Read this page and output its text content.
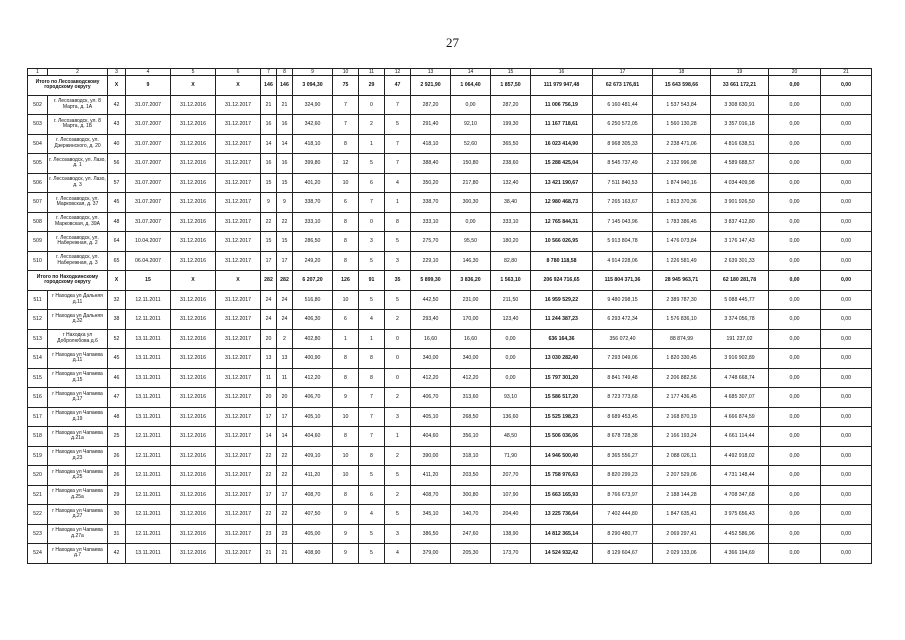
27
1	2	3	4	5	6	7	8	9	10	11	12	13	14	15	16	17	18	19	20	21
Итого по Лесозаводскому городскому округу		X	9	X	X	146	146	3 094,30	75	29	47	2 921,90	1 064,40	1 857,50	111 979 947,48	62 673 176,81	15 643 598,66	33 661 172,21	0,00	0,00
502	г. Лесозаводск, ул. 8 Марта, д. 1А	42	31.07.2007	31.12.2016	31.12.2017	21	21	324,90	7	0	7	287,20	0,00	287,20	11 006 756,19	6 160 481,44	1 537 543,84	3 308 630,91	0,00	0,00
503	г. Лесозаводск, ул. 8 Марта, д. 1Б	43	31.07.2007	31.12.2016	31.12.2017	16	16	342,60	7	2	5	291,40	92,10	199,30	11 167 718,61	6 250 572,05	1 560 130,28	3 357 016,18	0,00	0,00
504	г. Лесозаводск, ул. Дзержинского, д. 20	40	31.07.2007	31.12.2016	31.12.2017	14	14	418,10	8	1	7	418,10	52,60	365,50	16 023 414,90	8 968 305,33	2 238 471,06	4 816 638,51	0,00	0,00
505	г. Лесозаводск, ул. Лазо, д. 1	56	31.07.2007	31.12.2016	31.12.2017	16	16	399,80	12	5	7	388,40	150,80	238,60	15 288 425,04	8 545 737,49	2 132 996,98	4 589 688,57	0,00	0,00
506	г. Лесозаводск, ул. Лазо, д. 3	57	31.07.2007	31.12.2016	31.12.2017	15	15	401,20	10	6	4	350,20	217,80	132,40	13 421 190,67	7 511 840,53	1 874 940,16	4 034 409,98	0,00	0,00
507	г. Лесозаводск, ул. Марковская, д. 37	45	31.07.2007	31.12.2016	31.12.2017	9	9	338,70	6	7	1	338,70	300,30	38,40	12 980 468,73	7 265 163,67	1 813 370,36	3 901 926,50	0,00	0,00
508	г. Лесозаводск, ул. Марковская, д. 39А	48	31.07.2007	31.12.2016	31.12.2017	22	22	333,10	8	0	8	333,10	0,00	333,10	12 765 844,31	7 145 043,96	1 783 386,45	3 837 412,80	0,00	0,00
509	г. Лесозаводск, ул. Набережная, д. 2	64	10.04.2007	31.12.2016	31.12.2017	15	15	286,50	8	3	5	275,70	95,50	180,20	10 566 026,95	5 913 804,78	1 476 073,84	3 176 147,43	0,00	0,00
510	г. Лесозаводск, ул. Набережная, д. 3	65	06.04.2007	31.12.2016	31.12.2017	17	17	249,20	8	5	3	229,10	146,30	82,80	8 780 118,58	4 914 228,06	1 226 581,49	2 639 301,33	0,00	0,00
Итого по Находкинскому городскому округу		X	15	X	X	282	282	6 207,20	126	91	35	5 899,30	3 836,20	1 563,10	206 924 716,65	115 804 371,36	28 945 963,71	62 180 281,78	0,00	0,00
511	г Находка ул Дальняя д.11	32	12.11.2011	31.12.2016	31.12.2017	24	24	516,80	10	5	5	442,50	231,00	211,50	16 959 529,22	9 480 298,15	2 389 787,30	5 088 445,77	0,00	0,00
512	г Находка ул Дальняя д.32	38	12.11.2011	31.12.2016	31.12.2017	24	24	406,30	6	4	2	293,40	170,00	123,40	11 244 387,23	6 293 472,34	1 576 836,10	3 374 056,78	0,00	0,00
513	г Находка ул Добролюбова д.6	52	13.11.2011	31.12.2016	31.12.2017	20	2	402,80	1	1	0	16,60	16,60	0,00	636 164,36	356 072,40	88 874,99	191 237,02	0,00	0,00
514	г Находка ул Чапаева д.11	45	13.11.2011	31.12.2016	31.12.2017	13	13	400,90	8	8	0	340,00	340,00	0,00	13 030 282,40	7 293 049,06	1 820 330,45	3 916 902,89	0,00	0,00
515	г Находка ул Чапаева д.15	46	13.11.2011	31.12.2016	31.12.2017	11	11	412,20	8	8	0	412,20	412,20	0,00	15 797 301,20	8 841 749,48	2 206 882,56	4 748 668,74	0,00	0,00
516	г Находка ул Чапаева д.17	47	13.11.2011	31.12.2016	31.12.2017	20	20	406,70	9	7	2	406,70	313,60	93,10	15 586 517,20	8 723 773,68	2 177 436,45	4 685 307,07	0,00	0,00
517	г Находка ул Чапаева д.19	48	13.11.2011	31.12.2016	31.12.2017	17	17	405,10	10	7	3	405,10	268,50	136,60	15 525 198,23	8 689 453,45	2 168 870,19	4 666 874,59	0,00	0,00
518	г Находка ул Чапаева д.21а	25	12.11.2011	31.12.2016	31.12.2017	14	14	404,60	8	7	1	404,60	356,10	48,50	15 506 036,06	8 678 728,38	2 166 193,24	4 661 114,44	0,00	0,00
519	г Находка ул Чапаева д.23	26	12.11.2011	31.12.2016	31.12.2017	22	22	409,10	10	8	2	390,00	318,10	71,90	14 946 500,40	8 365 556,27	2 088 026,11	4 492 918,02	0,00	0,00
520	г Находка ул Чапаева д.25	26	12.11.2011	31.12.2016	31.12.2017	22	22	411,20	10	5	5	411,20	203,50	207,70	15 758 976,63	8 820 299,23	2 207 529,06	4 731 148,44	0,00	0,00
521	г Находка ул Чапаева д.25а	29	12.11.2011	31.12.2016	31.12.2017	17	17	408,70	8	6	2	408,70	300,80	107,90	15 663 165,93	8 766 673,97	2 188 144,28	4 708 347,68	0,00	0,00
522	г Находка ул Чапаева д.27	30	12.11.2011	31.12.2016	31.12.2017	22	22	407,50	9	4	5	345,10	140,70	204,40	13 225 736,64	7 402 444,80	1 847 635,41	3 975 656,43	0,00	0,00
523	г Находка ул Чапаева д.27а	31	12.11.2011	31.12.2016	31.12.2017	23	23	405,00	9	5	3	386,50	247,60	138,90	14 812 365,14	8 290 480,77	2 069 297,41	4 452 586,96	0,00	0,00
524	г Находка ул Чапаева д.7	42	13.11.2011	31.12.2016	31.12.2017	21	21	408,90	9	5	4	379,00	205,30	173,70	14 524 932,42	8 129 604,67	2 029 133,06	4 366 194,69	0,00	0,00
